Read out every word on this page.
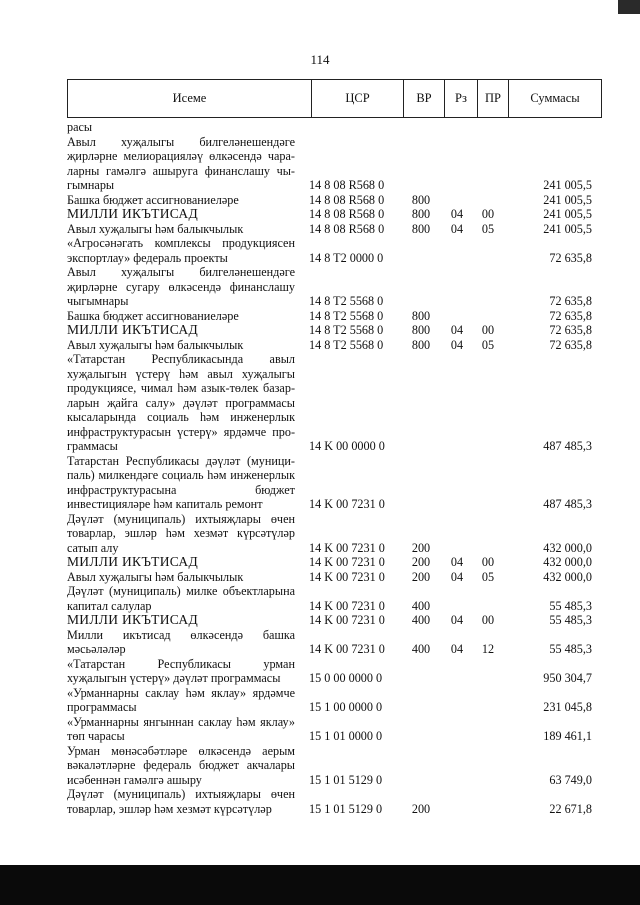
114
Исеме	ЦСР	ВР	Рз	ПР	Суммасы
расы
Авыл хуҗалыгы билгеләнешендәге
җирләрне мелиорацияләү өлкәсендә чара-
ларны гамәлгә ашыруга финанслашу чы-
гымнары	14 8 08 R568 0	241 005,5
Башка бюджет ассигнованиеләре	14 8 08 R568 0	800	241 005,5
МИЛЛИ ИКЪТИСАД	14 8 08 R568 0	800	04	00	241 005,5
Авыл хуҗалыгы һәм балыкчылык	14 8 08 R568 0	800	04	05	241 005,5
«Агросәнәгать комплексы продукциясен
экспортлау» федераль проекты	14 8 T2 0000 0	72 635,8
Авыл хуҗалыгы билгеләнешендәге
җирләрне сугару өлкәсендә финанслашу
чыгымнары	14 8 T2 5568 0	72 635,8
Башка бюджет ассигнованиеләре	14 8 T2 5568 0	800	72 635,8
МИЛЛИ ИКЪТИСАД	14 8 T2 5568 0	800	04	00	72 635,8
Авыл хуҗалыгы һәм балыкчылык	14 8 T2 5568 0	800	04	05	72 635,8
«Татарстан Республикасында авыл
хуҗалыгын үстерү һәм авыл хуҗалыгы
продукциясе, чимал һәм азык-төлек базар-
ларын җайга салу» дәүләт программасы
кысаларында социаль һәм инженерлык
инфраструктурасын үстерү» ярдәмче про-
граммасы	14 K 00 0000 0	487 485,3
Татарстан Республикасы дәүләт (муници-
паль) милкендәге социаль һәм инженерлык
инфраструктурасына бюджет
инвестицияләре һәм капиталь ремонт	14 K 00 7231 0	487 485,3
Дәүләт (муниципаль) ихтыяҗлары өчен
товарлар, эшләр һәм хезмәт күрсәтүләр
сатып алу	14 K 00 7231 0	200	432 000,0
МИЛЛИ ИКЪТИСАД	14 K 00 7231 0	200	04	00	432 000,0
Авыл хуҗалыгы һәм балыкчылык	14 K 00 7231 0	200	04	05	432 000,0
Дәүләт (муниципаль) милке объектларына
капитал салулар	14 K 00 7231 0	400	55 485,3
МИЛЛИ ИКЪТИСАД	14 K 00 7231 0	400	04	00	55 485,3
Милли икътисад өлкәсендә башка
мәсьәләләр	14 K 00 7231 0	400	04	12	55 485,3
«Татарстан Республикасы урман
хуҗалыгын үстерү» дәүләт программасы	15 0 00 0000 0	950 304,7
«Урманнарны саклау һәм яклау» ярдәмче
программасы	15 1 00 0000 0	231 045,8
«Урманнарны янгыннан саклау һәм яклау»
төп чарасы	15 1 01 0000 0	189 461,1
Урман мөнәсәбәтләре өлкәсендә аерым
вәкаләтләрне федераль бюджет акчалары
исәбеннән гамәлгә ашыру	15 1 01 5129 0	63 749,0
Дәүләт (муниципаль) ихтыяҗлары өчен
товарлар, эшләр һәм хезмәт күрсәтүләр	15 1 01 5129 0	200	22 671,8
